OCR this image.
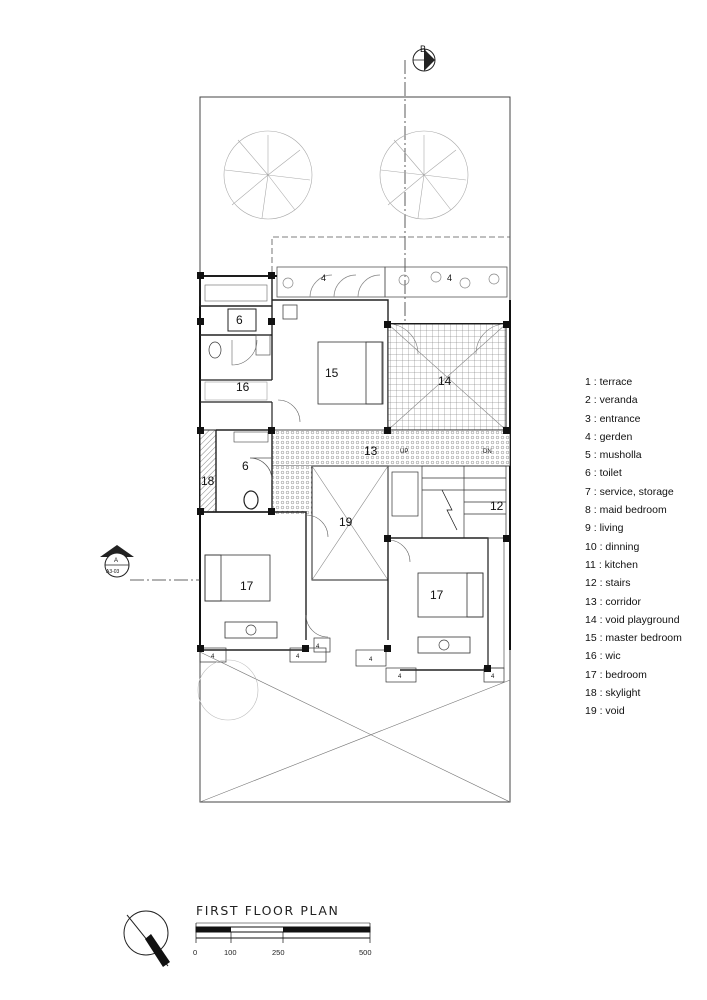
B
4	4
6
16
15
14
13
6
18
19
12
17
17
UP	DN
4	4
4
4
4	4
A
A3-03
FIRST FLOOR PLAN
0	100	250	500
1 : terrace
2 : veranda
3 : entrance
4 : gerden
5 : musholla
6 : toilet
7 : service, storage
8 : maid bedroom
9 : living
10 : dinning
11 : kitchen
12 : stairs
13 : corridor
14 : void playground
15 : master bedroom
16 : wic
17 : bedroom
18 : skylight
19 : void
